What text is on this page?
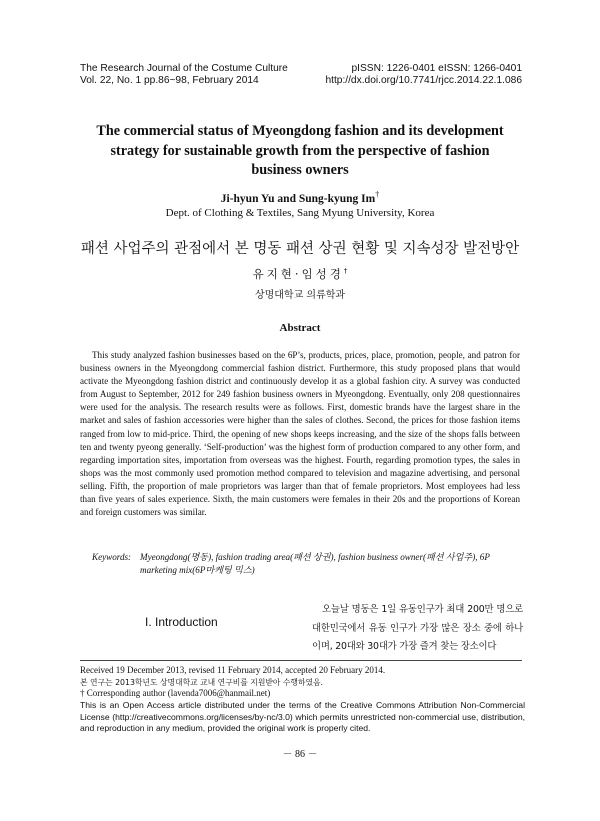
The Research Journal of the Costume Culture
Vol. 22, No. 1 pp.86~98, February 2014
pISSN: 1226-0401 eISSN: 1266-0401
http://dx.doi.org/10.7741/rjcc.2014.22.1.086
The commercial status of Myeongdong fashion and its development strategy for sustainable growth from the perspective of fashion business owners
Ji-hyun Yu and Sung-kyung Im†
Dept. of Clothing & Textiles, Sang Myung University, Korea
패션 사업주의 관점에서 본 명동 패션 상권 현황 및 지속성장 발전방안
유지현·임성경†
상명대학교 의류학과
Abstract
This study analyzed fashion businesses based on the 6P’s, products, prices, place, promotion, people, and patron for business owners in the Myeongdong commercial fashion district. Furthermore, this study proposed plans that would activate the Myeongdong fashion district and continuously develop it as a global fashion city. A survey was conducted from August to September, 2012 for 249 fashion business owners in Myeongdong. Eventually, only 208 questionnaires were used for the analysis. The research results were as follows. First, domestic brands have the largest share in the market and sales of fashion accessories were higher than the sales of clothes. Second, the prices for those fashion items ranged from low to mid-price. Third, the opening of new shops keeps increasing, and the size of the shops falls between ten and twenty pyeong generally. ‘Self-production’ was the highest form of production compared to any other form, and regarding importation sites, importation from overseas was the highest. Fourth, regarding promotion types, the sales in shops was the most commonly used promotion method compared to television and magazine advertising, and personal selling. Fifth, the proportion of male proprietors was larger than that of female proprietors. Most employees had less than five years of sales experience. Sixth, the main customers were females in their 20s and the proportions of Korean and foreign customers was similar.
Keywords: Myeongdong(명동), fashion trading area(패션 상권), fashion business owner(패션 사업주), 6P marketing mix(6P마케팅 믹스)
I. Introduction
오늘날 명동은 1일 유동인구가 최대 200만 명으로 대한민국에서 유동 인구가 가장 많은 장소 중에 하나이며, 20대와 30대가 가장 즐겨 찾는 장소이다
Received 19 December 2013, revised 11 February 2014, accepted 20 February 2014.
본 연구는 2013학년도 상명대학교 교내 연구비를 지원받아 수행하였음.
† Corresponding author (lavenda7006@hanmail.net)
This is an Open Access article distributed under the terms of the Creative Commons Attribution Non-Commercial License (http://creativecommons.org/licenses/by-nc/3.0) which permits unrestricted non-commercial use, distribution, and reproduction in any medium, provided the original work is properly cited.
－ 86 －
